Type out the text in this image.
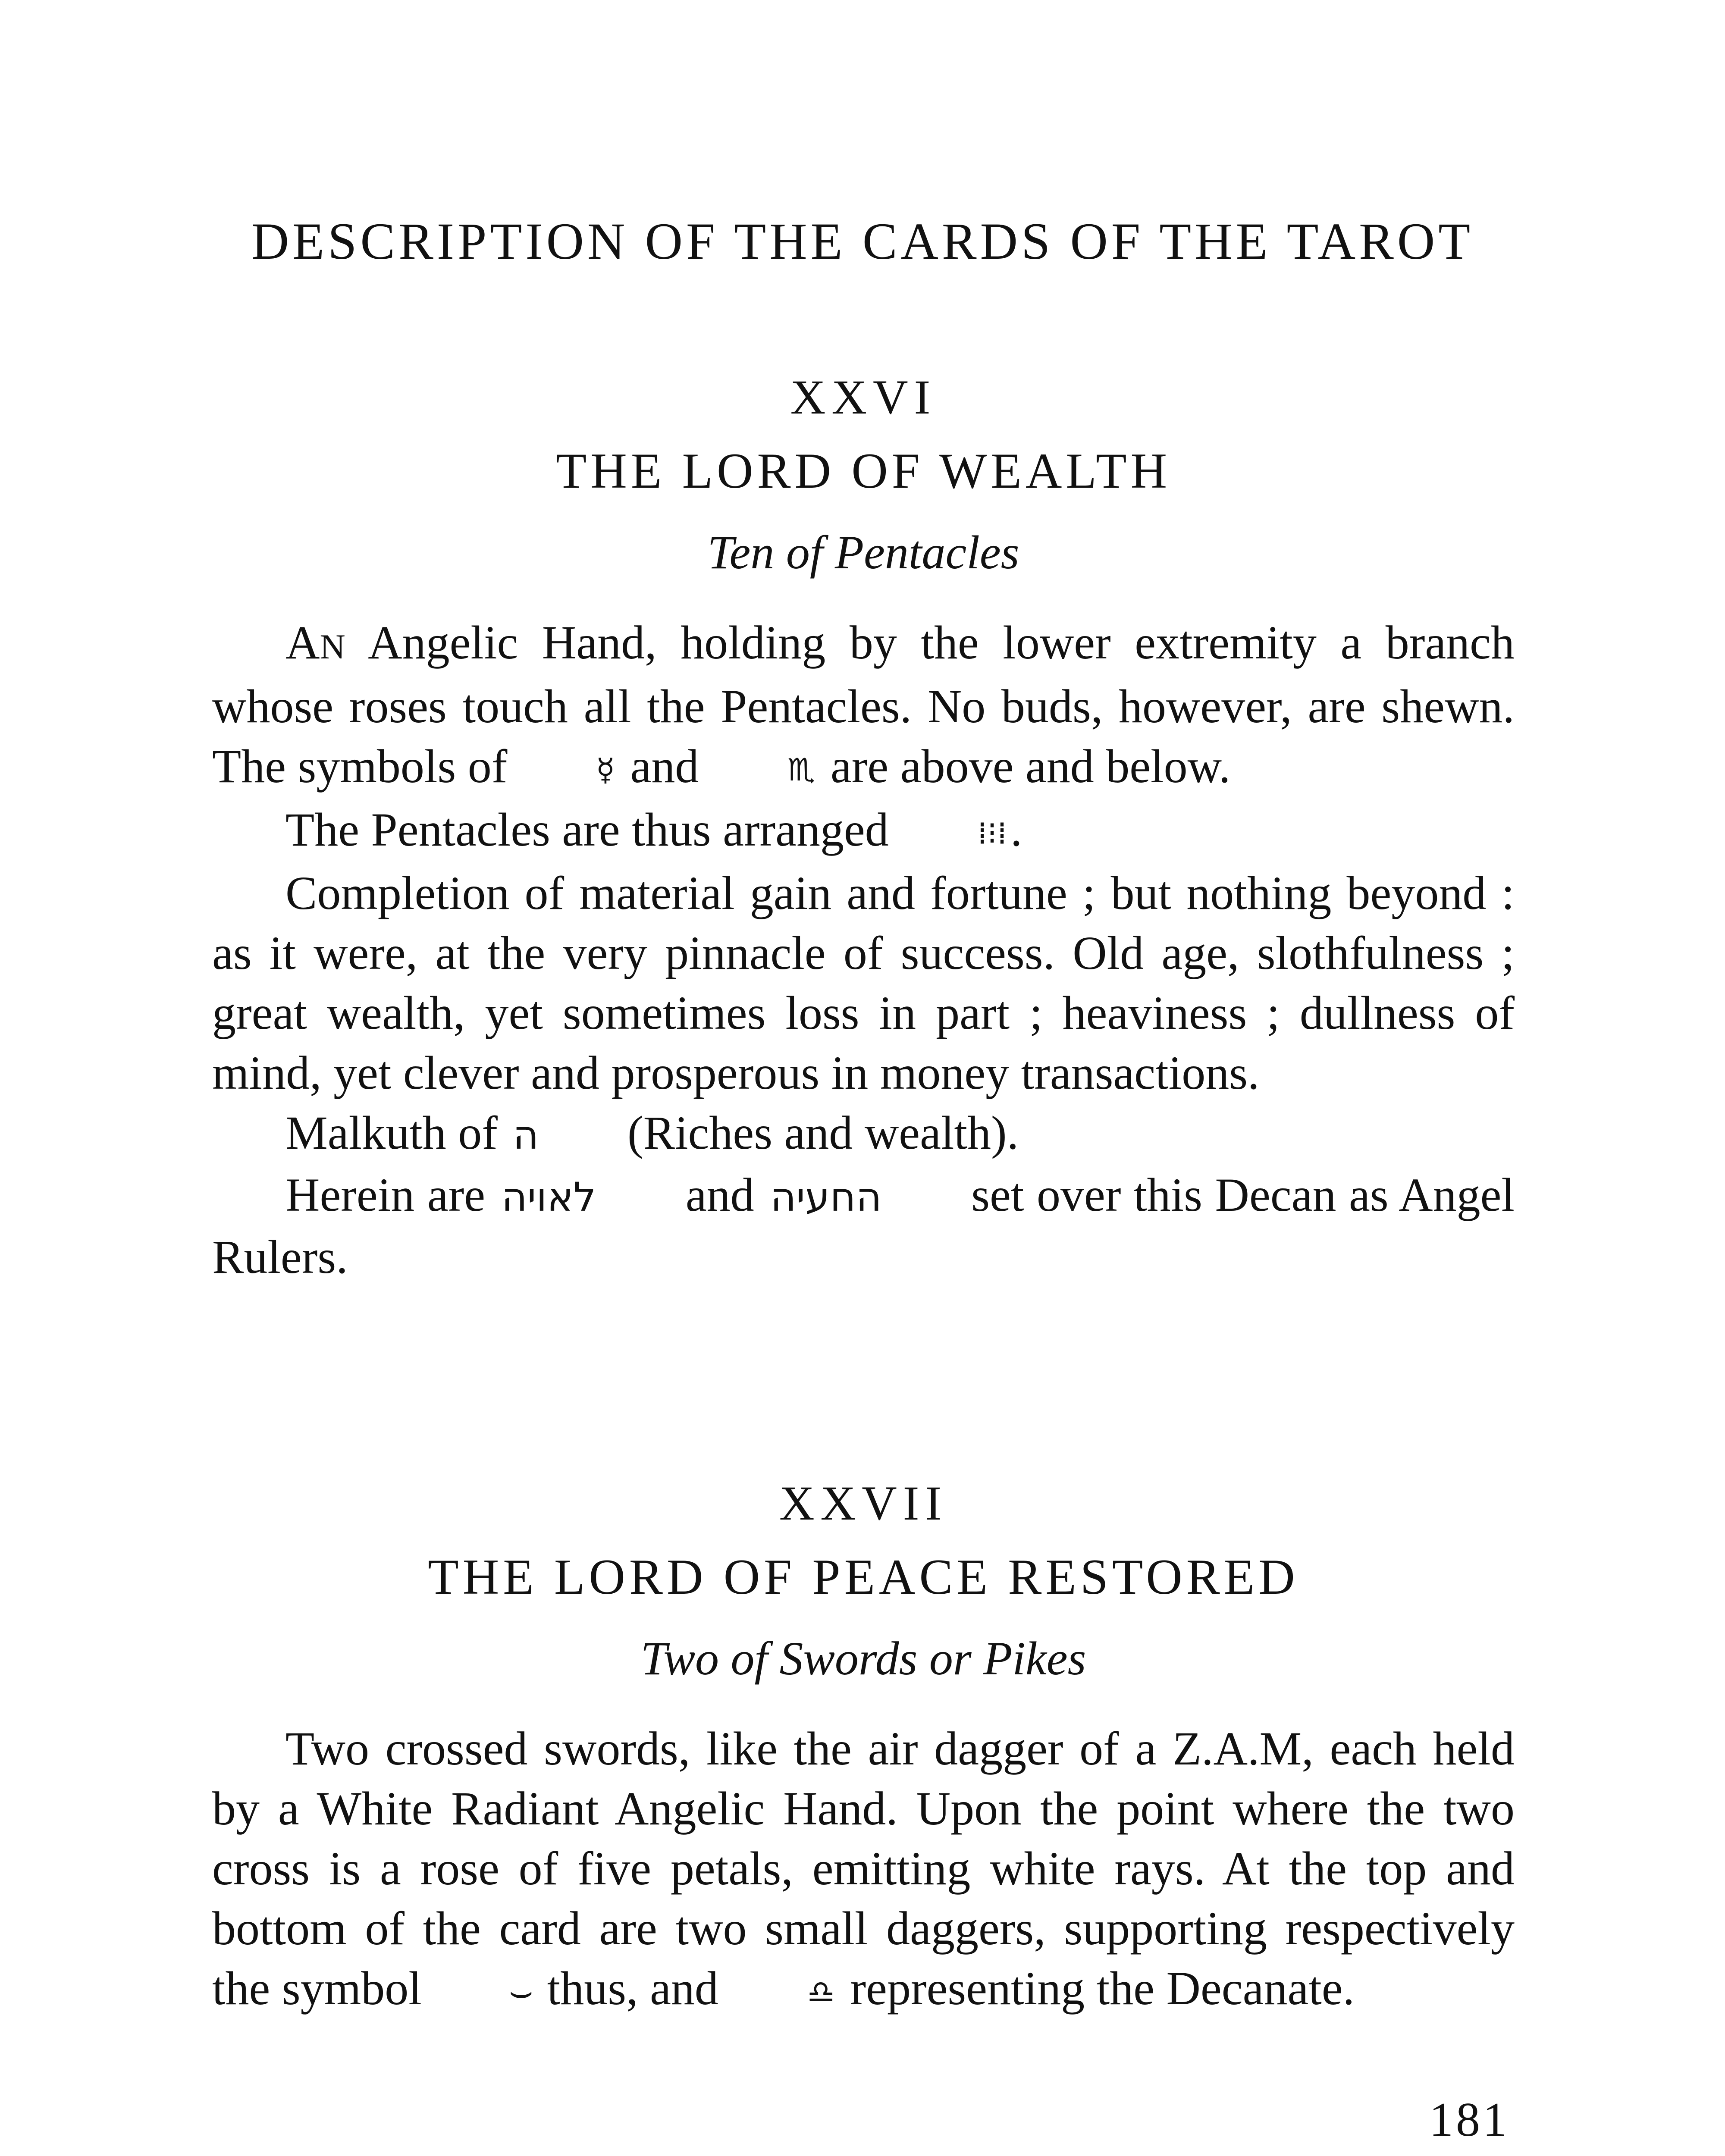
DESCRIPTION OF THE CARDS OF THE TAROT
XXVI
THE LORD OF WEALTH
Ten of Pentacles

AN Angelic Hand, holding by the lower extremity a branch whose roses touch all the Pentacles. No buds, however, are shewn. The symbols of ☿ and ♏ are above and below.

The Pentacles are thus arranged ⁞⁝⁞.

Completion of material gain and fortune ; but nothing beyond : as it were, at the very pinnacle of success. Old age, slothfulness ; great wealth, yet sometimes loss in part ; heaviness ; dullness of mind, yet clever and prosperous in money transactions.

Malkuth of ה (Riches and wealth).

Herein are לאויה and החעיה set over this Decan as Angel Rulers.

XXVII
THE LORD OF PEACE RESTORED
Two of Swords or Pikes

Two crossed swords, like the air dagger of a Z.A.M, each held by a White Radiant Angelic Hand. Upon the point where the two cross is a rose of five petals, emitting white rays. At the top and bottom of the card are two small daggers, supporting respectively the symbol ⌣ thus, and ♎ representing the Decanate.

181
